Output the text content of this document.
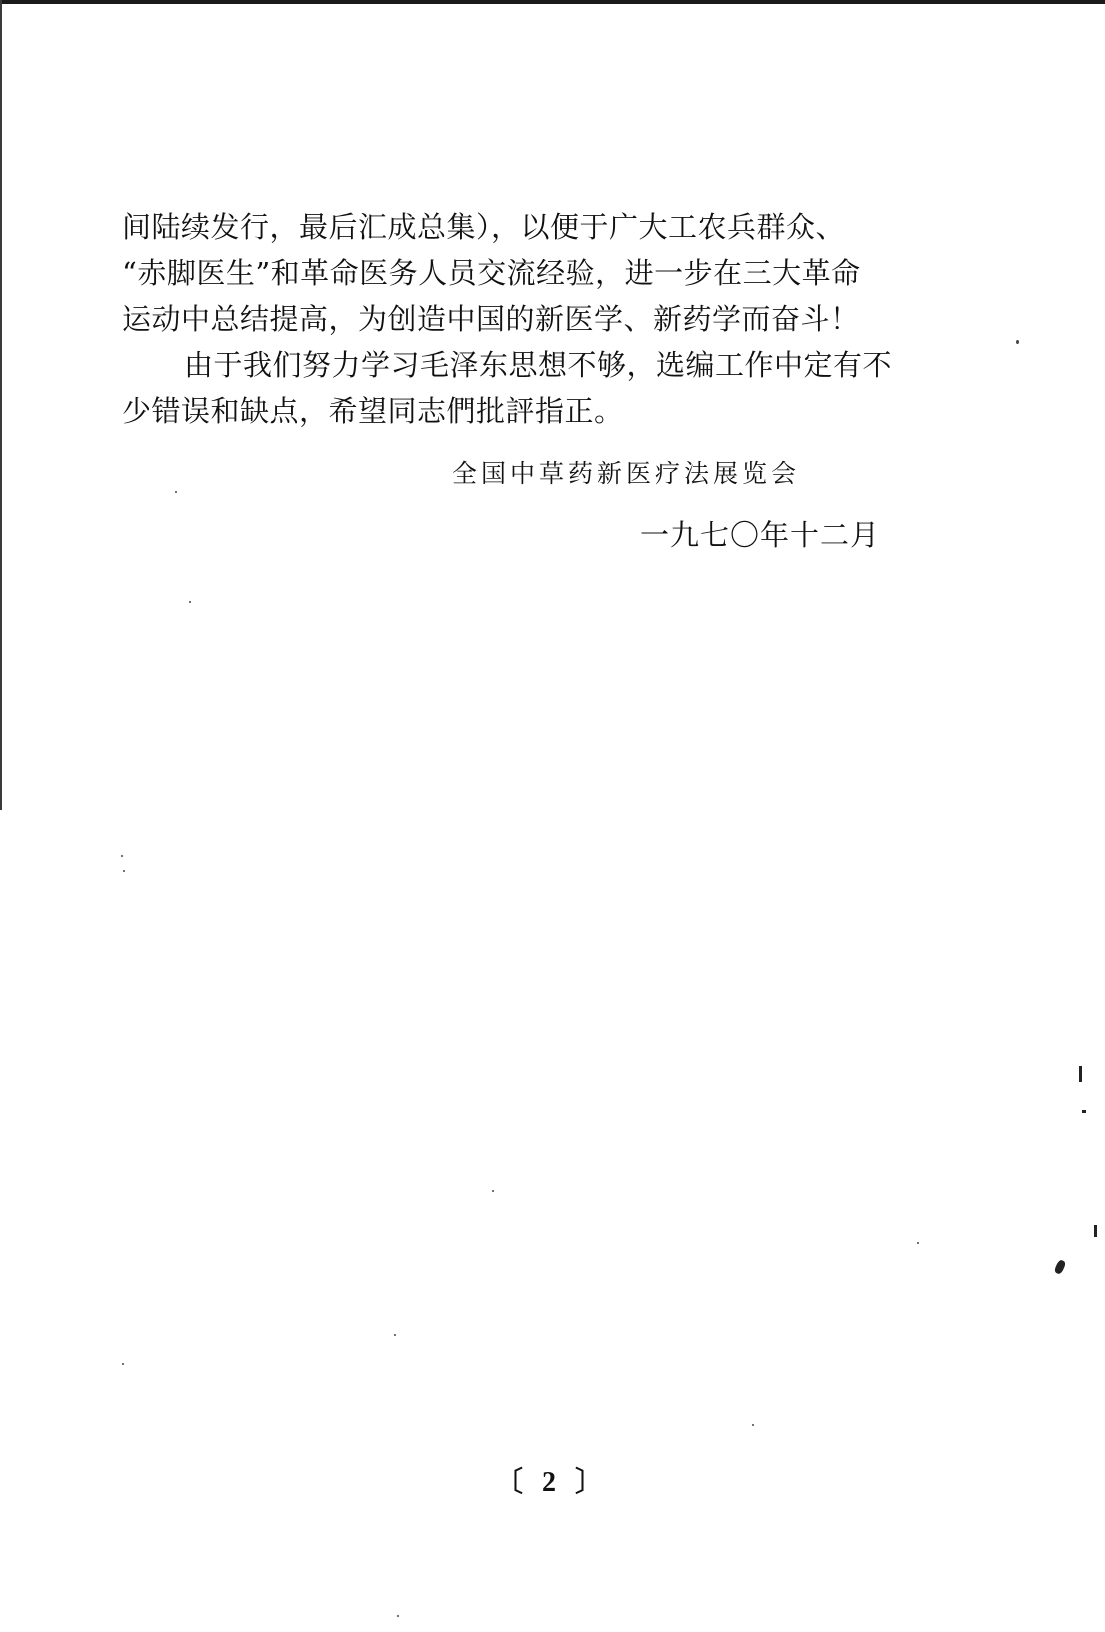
间陆续发行，最后汇成总集），以便于广大工农兵群众、
“赤脚医生”和革命医务人员交流经验，进一步在三大革命
运动中总结提高，为创造中国的新医学、新药学而奋斗！
由于我们努力学习毛泽东思想不够，选编工作中定有不
少错误和缺点，希望同志們批評指正。
全国中草药新医疗法展览会
一九七〇年十二月
〔 2 〕
